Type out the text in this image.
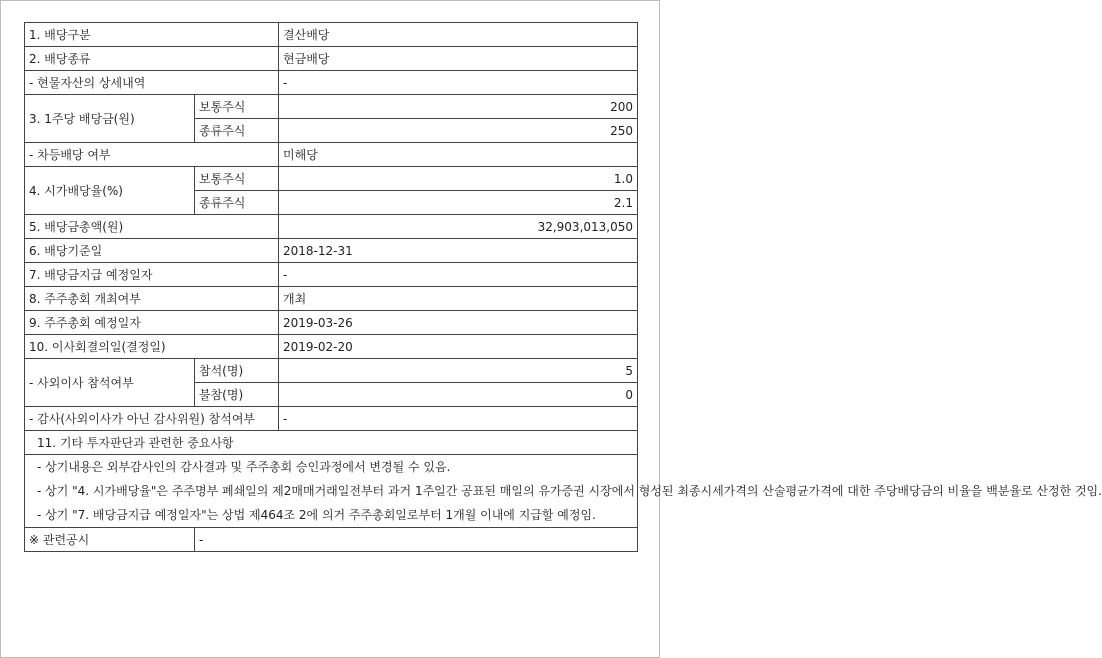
1. 배당구분		결산배당
2. 배당종류		현금배당
- 현물자산의 상세내역		-
3. 1주당 배당금(원)	보통주식	200
	종류주식	250
- 차등배당 여부		미해당
4. 시가배당율(%)	보통주식	1.0
	종류주식	2.1
5. 배당금총액(원)		32,903,013,050
6. 배당기준일		2018-12-31
7. 배당금지급 예정일자		-
8. 주주총회 개최여부		개최
9. 주주총회 예정일자		2019-03-26
10. 이사회결의일(결정일)		2019-02-20
- 사외이사 참석여부	참석(명)	5
	불참(명)	0
- 감사(사외이사가 아닌 감사위원) 참석여부		-
11. 기타 투자판단과 관련한 중요사항		

- 상기내용은 외부감사인의 감사결과 및 주주총회 승인과정에서 변경될 수 있음.
- 상기 "4. 시가배당율"은 주주명부 폐쇄일의 제2매매거래일전부터 과거 1주일간 공표된 매일의 유가증권 시장에서 형성된 최종시세가격의 산술평균가격에 대한 주당배당금의 비율을 백분율로 산정한 것임.
- 상기 "7. 배당금지급 예정일자"는 상법 제464조 2에 의거 주주총회일로부터 1개월 이내에 지급할 예정임.		

※ 관련공시	-	
